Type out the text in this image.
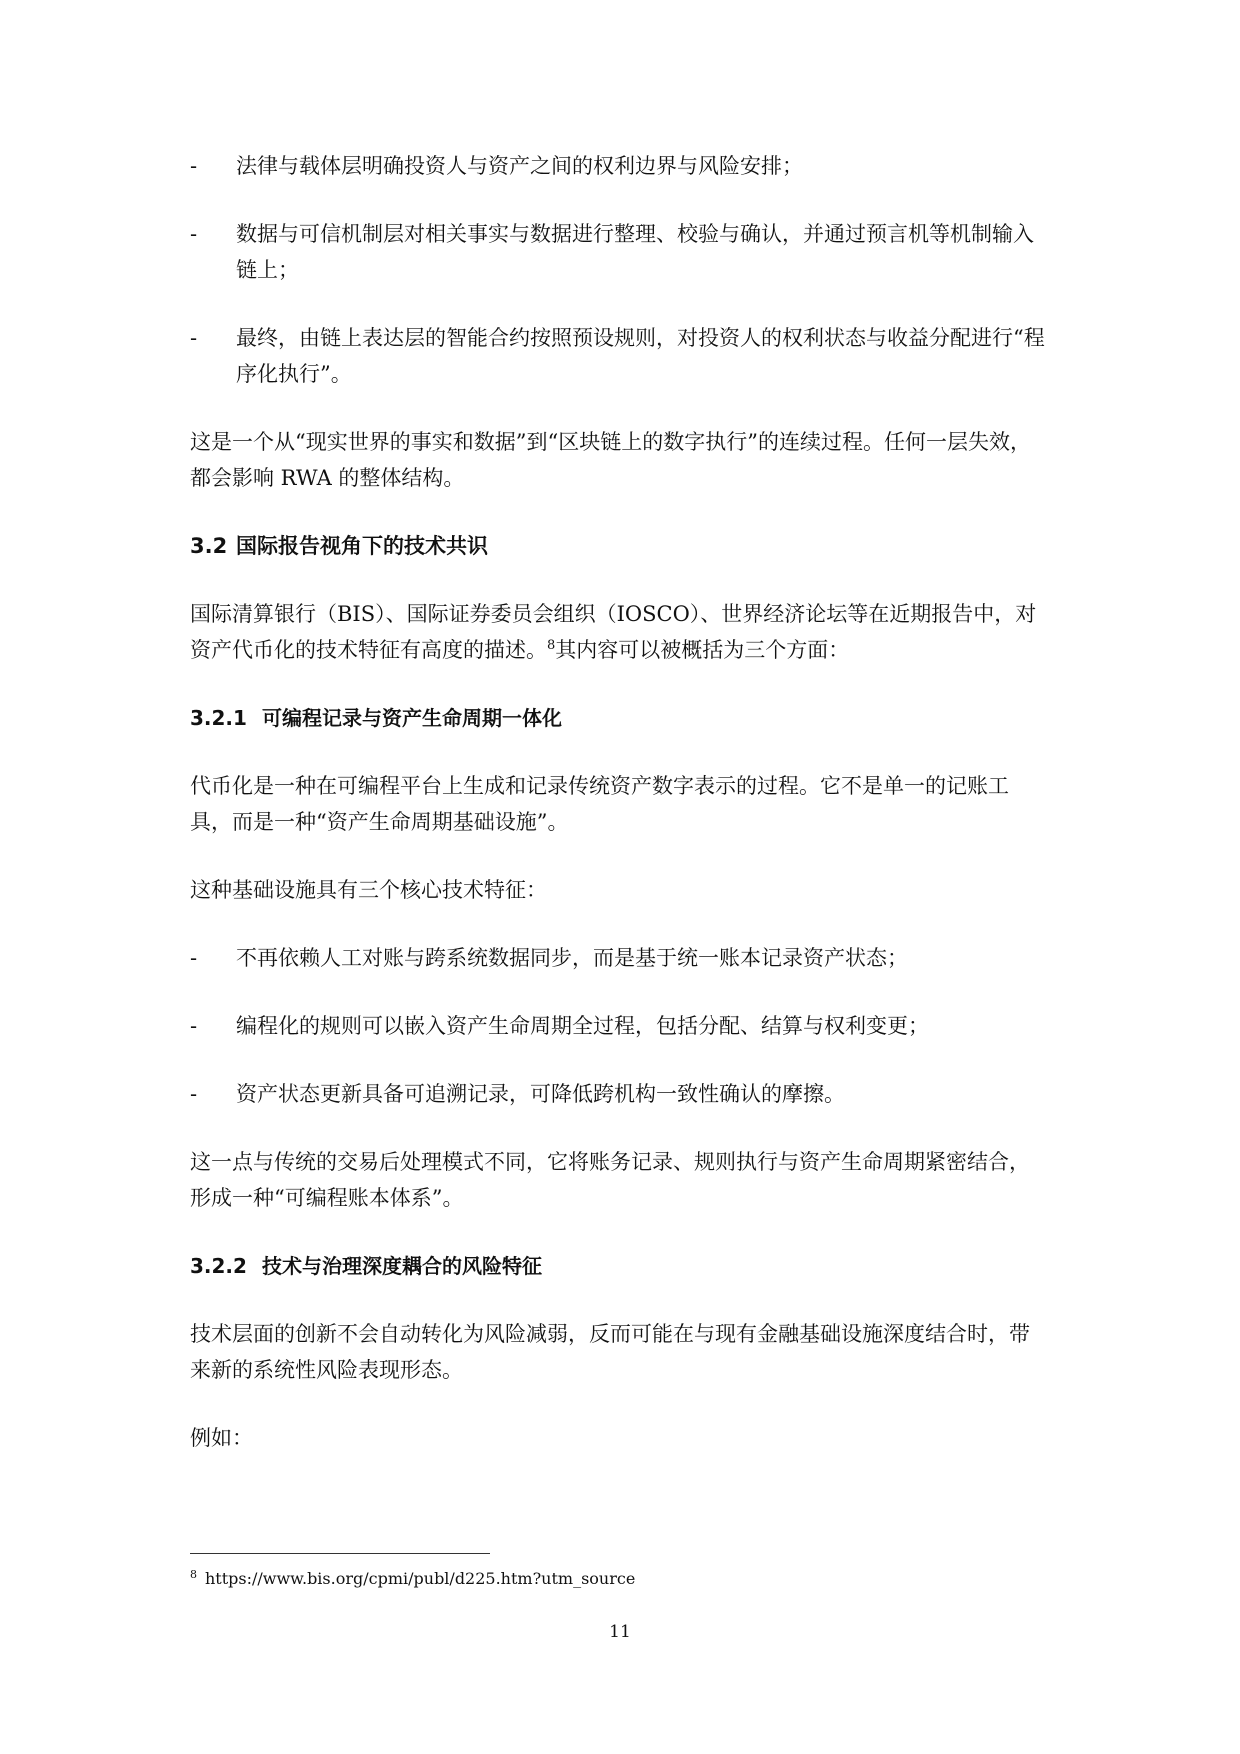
- 法律与载体层明确投资人与资产之间的权利边界与风险安排；
- 数据与可信机制层对相关事实与数据进行整理、校验与确认，并通过预言机等机制输入链上；
- 最终，由链上表达层的智能合约按照预设规则，对投资人的权利状态与收益分配进行“程序化执行”。

这是一个从“现实世界的事实和数据”到“区块链上的数字执行”的连续过程。任何一层失效，都会影响 RWA 的整体结构。

3.2 国际报告视角下的技术共识

国际清算银行（BIS）、国际证券委员会组织（IOSCO）、世界经济论坛等在近期报告中，对资产代币化的技术特征有高度的描述。$^8$其内容可以被概括为三个方面：

3.2.1 可编程记录与资产生命周期一体化

代币化是一种在可编程平台上生成和记录传统资产数字表示的过程。它不是单一的记账工具，而是一种“资产生命周期基础设施”。

这种基础设施具有三个核心技术特征：

- 不再依赖人工对账与跨系统数据同步，而是基于统一账本记录资产状态；
- 编程化的规则可以嵌入资产生命周期全过程，包括分配、结算与权利变更；
- 资产状态更新具备可追溯记录，可降低跨机构一致性确认的摩擦。

这一点与传统的交易后处理模式不同，它将账务记录、规则执行与资产生命周期紧密结合，形成一种“可编程账本体系”。

3.2.2 技术与治理深度耦合的风险特征

技术层面的创新不会自动转化为风险减弱，反而可能在与现有金融基础设施深度结合时，带来新的系统性风险表现形态。

例如：

$^8$ https://www.bis.org/cpmi/publ/d225.htm?utm_source
11
